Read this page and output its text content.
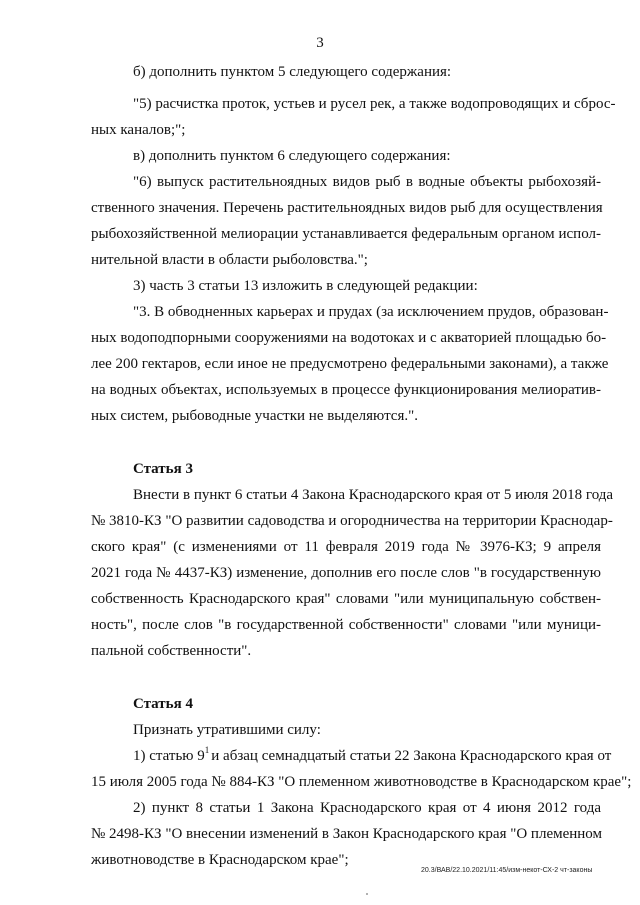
3
б) дополнить пунктом 5 следующего содержания:
"5) расчистка проток, устьев и русел рек, а также водопроводящих и сброс-
ных каналов;";
в) дополнить пунктом 6 следующего содержания:
"6) выпуск растительноядных видов рыб в водные объекты рыбохозяй-
ственного значения. Перечень растительноядных видов рыб для осуществления
рыбохозяйственной мелиорации устанавливается федеральным органом испол-
нительной власти в области рыболовства.";
3) часть 3 статьи 13 изложить в следующей редакции:
"3. В обводненных карьерах и прудах (за исключением прудов, образован-
ных водоподпорными сооружениями на водотоках и с акваторией площадью бо-
лее 200 гектаров, если иное не предусмотрено федеральными законами), а также
на водных объектах, используемых в процессе функционирования мелиоратив-
ных систем, рыбоводные участки не выделяются.".
Статья 3
Внести в пункт 6 статьи 4 Закона Краснодарского края от 5 июля 2018 года
№ 3810-КЗ "О развитии садоводства и огородничества на территории Краснодар-
ского края" (с изменениями от 11 февраля 2019 года № 3976-КЗ; 9 апреля
2021 года № 4437-КЗ) изменение, дополнив его после слов "в государственную
собственность Краснодарского края" словами "или муниципальную собствен-
ность", после слов "в государственной собственности" словами "или муници-
пальной собственности".
Статья 4
Признать утратившими силу:
1) статью $9^1$ и абзац семнадцатый статьи 22 Закона Краснодарского края от
15 июля 2005 года № 884-КЗ "О племенном животноводстве в Краснодарском крае";
2) пункт 8 статьи 1 Закона Краснодарского края от 4 июня 2012 года
№ 2498-КЗ "О внесении изменений в Закон Краснодарского края "О племенном
животноводстве в Краснодарском крае";
20.3/ВАВ/22.10.2021/11:45/изм-некот-СХ-2 чт-законы
